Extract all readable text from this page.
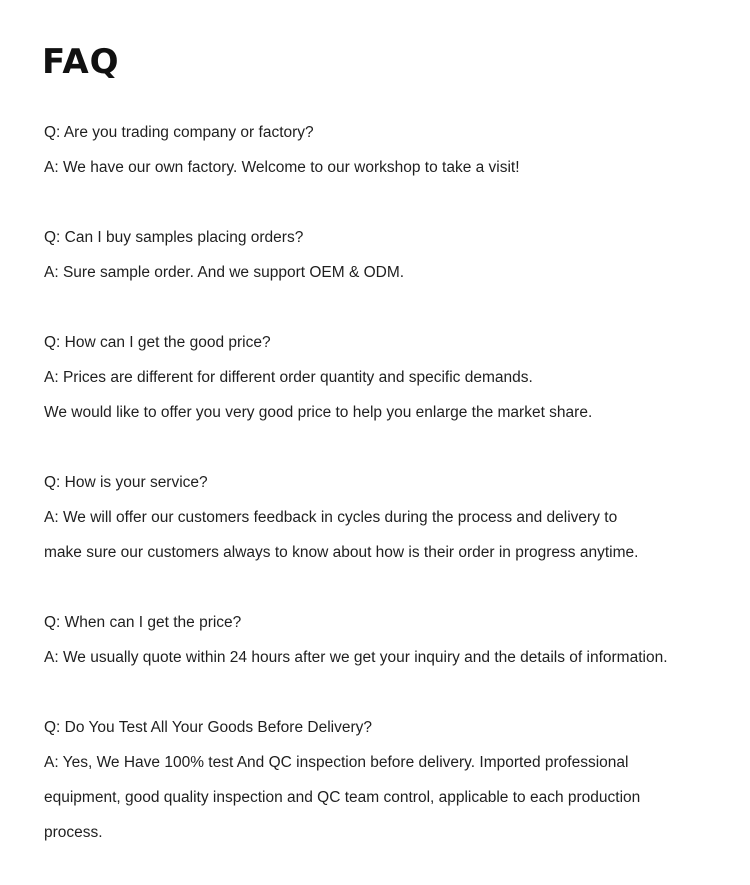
FAQ
Q: Are you trading company or factory?
A: We have our own factory. Welcome to our workshop to take a visit!
Q: Can I buy samples placing orders?
A: Sure sample order. And we support OEM & ODM.
Q: How can I get the good price?
A: Prices are different for different order quantity and specific demands.
We would like to offer you very good price to help you enlarge the market share.
Q: How is your service?
A: We will offer our customers feedback in cycles during the process and delivery to
make sure our customers always to know about how is their order in progress anytime.
Q: When can I get the price?
A: We usually quote within 24 hours after we get your inquiry and the details of information.
Q: Do You Test All Your Goods Before Delivery?
A: Yes, We Have 100% test And QC inspection before delivery. Imported professional
equipment, good quality inspection and QC team control, applicable to each production
process.
